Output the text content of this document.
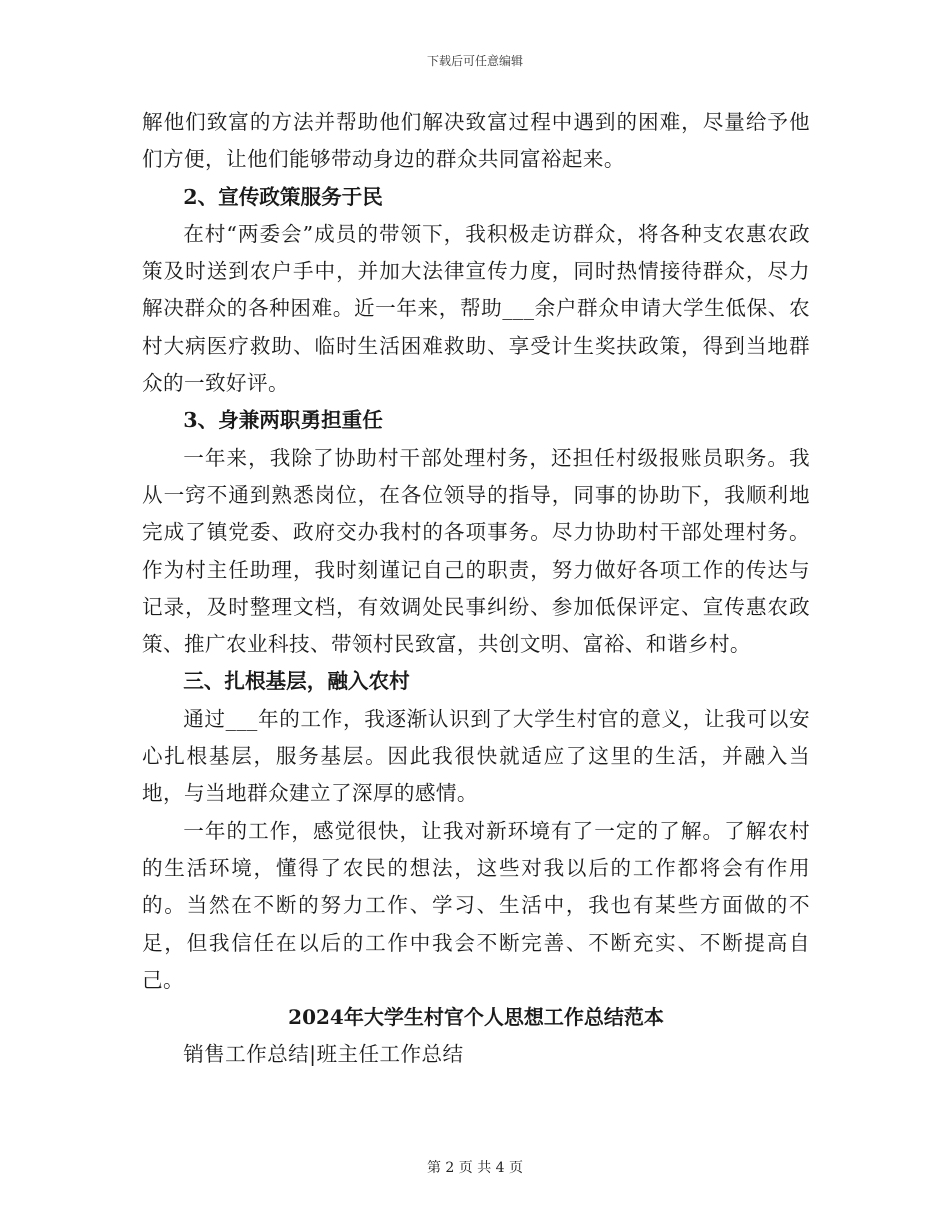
下载后可任意编辑

解他们致富的方法并帮助他们解决致富过程中遇到的困难，尽量给予他们方便，让他们能够带动身边的群众共同富裕起来。

2、宣传政策服务于民

在村“两委会”成员的带领下，我积极走访群众，将各种支农惠农政策及时送到农户手中，并加大法律宣传力度，同时热情接待群众，尽力解决群众的各种困难。近一年来，帮助___余户群众申请大学生低保、农村大病医疗救助、临时生活困难救助、享受计生奖扶政策，得到当地群众的一致好评。

3、身兼两职勇担重任

一年来，我除了协助村干部处理村务，还担任村级报账员职务。我从一窍不通到熟悉岗位，在各位领导的指导，同事的协助下，我顺利地完成了镇党委、政府交办我村的各项事务。尽力协助村干部处理村务。作为村主任助理，我时刻谨记自己的职责，努力做好各项工作的传达与记录，及时整理文档，有效调处民事纠纷、参加低保评定、宣传惠农政策、推广农业科技、带领村民致富，共创文明、富裕、和谐乡村。

三、扎根基层，融入农村

通过___年的工作，我逐渐认识到了大学生村官的意义，让我可以安心扎根基层，服务基层。因此我很快就适应了这里的生活，并融入当地，与当地群众建立了深厚的感情。

一年的工作，感觉很快，让我对新环境有了一定的了解。了解农村的生活环境，懂得了农民的想法，这些对我以后的工作都将会有作用的。当然在不断的努力工作、学习、生活中，我也有某些方面做的不足，但我信任在以后的工作中我会不断完善、不断充实、不断提高自己。

2024年大学生村官个人思想工作总结范本

销售工作总结|班主任工作总结

第 2 页 共 4 页
